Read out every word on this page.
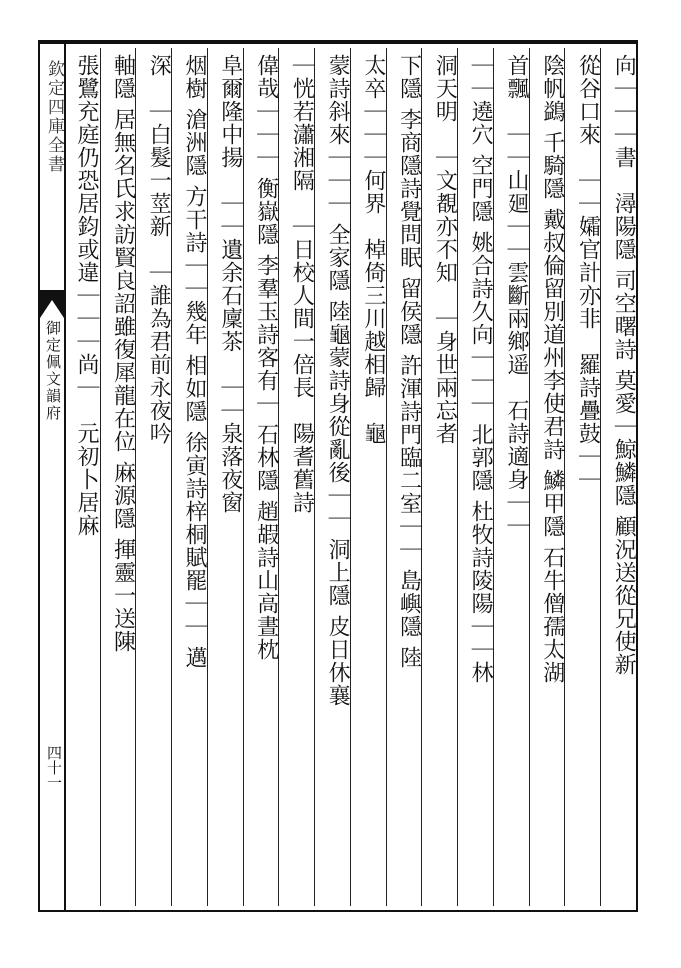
欽定四庫全書
御定佩文韻府
四十一
向｜｜｜書　潯陽隱 司空曙詩 莫愛｜鯨鱗隱 顧況送從兄使新
從谷口來　｜｜孀官計亦非　羅詩疊鼓｜｜
陰帆鷁 千騎隱 戴叔倫留別道州李使君詩 鱗甲隱 石牛僧孺太湖
首飄　｜｜山廻｜｜雲斷兩鄉遥　石詩適身｜｜
｜｜遶穴 空門隱 姚合詩久向｜｜｜ 北郭隱 杜牧詩陵陽｜｜林
洞天明　｜文覩亦不知　｜身世兩忘者
下隱 李商隱詩覺問眠 留侯隱 許渾詩門臨二室｜｜ 島嶼隱 陸
太卒｜｜｜何界　棹倚三川越相歸　龜
蒙詩斜來｜｜｜ 全家隱 陸龜蒙詩身從亂後｜｜ 洞上隱 皮日休襄
｜恍若瀟湘隔　｜日校人間一倍長　陽耆舊詩
偉哉｜｜｜ 衡嶽隱 李羣玉詩客有｜ 石林隱 趙嘏詩山高晝枕
阜爾隆中揚　｜｜遺余石廩茶　｜｜泉落夜窗
烟樹 滄洲隱 方干詩｜｜幾年 相如隱 徐寅詩梓桐賦罷｜｜ 邁
深　｜白髮一莖新　｜誰為君前永夜吟
軸隱 居無名氏求訪賢良詔雖復犀龍在位 麻源隱 揮靈一送陳
張鷺充庭仍恐居鈞或違｜｜｜尚｜　元初卜居麻
